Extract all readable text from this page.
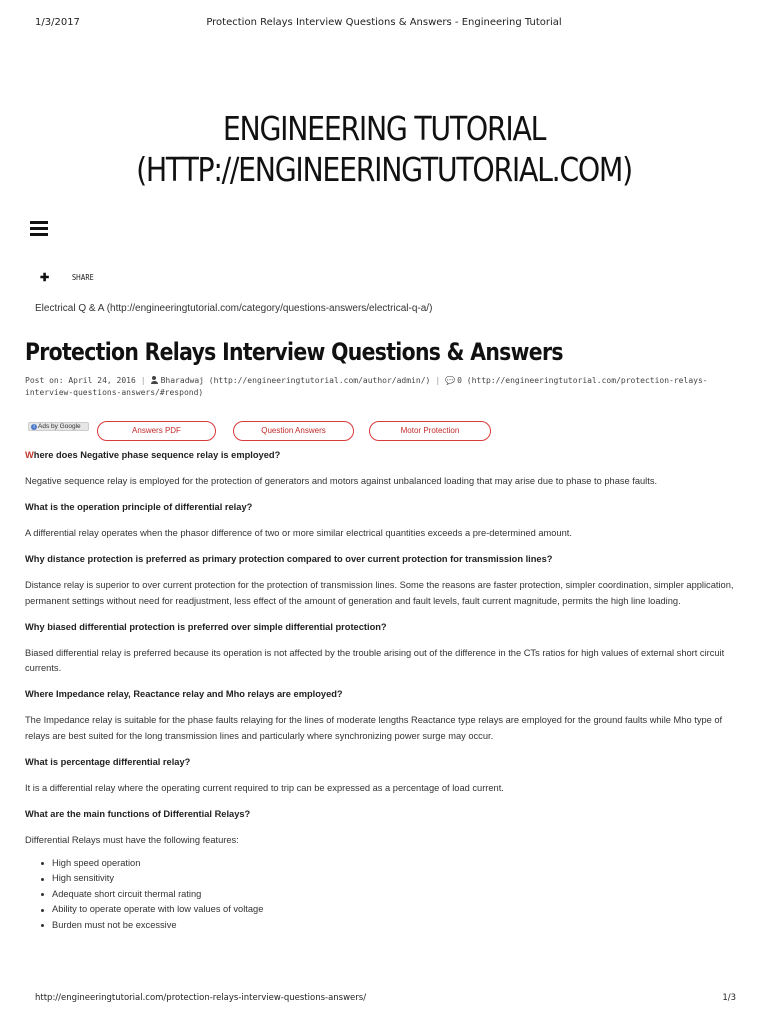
1/3/2017	Protection Relays Interview Questions & Answers - Engineering Tutorial
ENGINEERING TUTORIAL
(HTTP://ENGINEERINGTUTORIAL.COM)
✚	SHARE
Electrical Q & A (http://engineeringtutorial.com/category/questions-answers/electrical-q-a/)
Protection Relays Interview Questions & Answers
Post on: April 24, 2016 | Bharadwaj (http://engineeringtutorial.com/author/admin/) | 💬 0 (http://engineeringtutorial.com/protection-relays-interview-questions-answers/#respond)
i Ads by Google	Answers PDF	Question Answers	Motor Protection
Where does Negative phase sequence relay is employed?

Negative sequence relay is employed for the protection of generators and motors against unbalanced loading that may arise due to phase to phase faults.

What is the operation principle of differential relay?

A differential relay operates when the phasor difference of two or more similar electrical quantities exceeds a pre-determined amount.

Why distance protection is preferred as primary protection compared to over current protection for transmission lines?

Distance relay is superior to over current protection for the protection of transmission lines. Some the reasons are faster protection, simpler coordination, simpler application, permanent settings without need for readjustment, less effect of the amount of generation and fault levels, fault current magnitude, permits the high line loading.

Why biased differential protection is preferred over simple differential protection?

Biased differential relay is preferred because its operation is not affected by the trouble arising out of the difference in the CTs ratios for high values of external short circuit currents.

Where Impedance relay, Reactance relay and Mho relays are employed?

The Impedance relay is suitable for the phase faults relaying for the lines of moderate lengths Reactance type relays are employed for the ground faults while Mho type of relays are best suited for the long transmission lines and particularly where synchronizing power surge may occur.

What is percentage differential relay?

It is a differential relay where the operating current required to trip can be expressed as a percentage of load current.

What are the main functions of Differential Relays?

Differential Relays must have the following features:

High speed operation
High sensitivity
Adequate short circuit thermal rating
Ability to operate operate with low values of voltage
Burden must not be excessive
http://engineeringtutorial.com/protection-relays-interview-questions-answers/	1/3
